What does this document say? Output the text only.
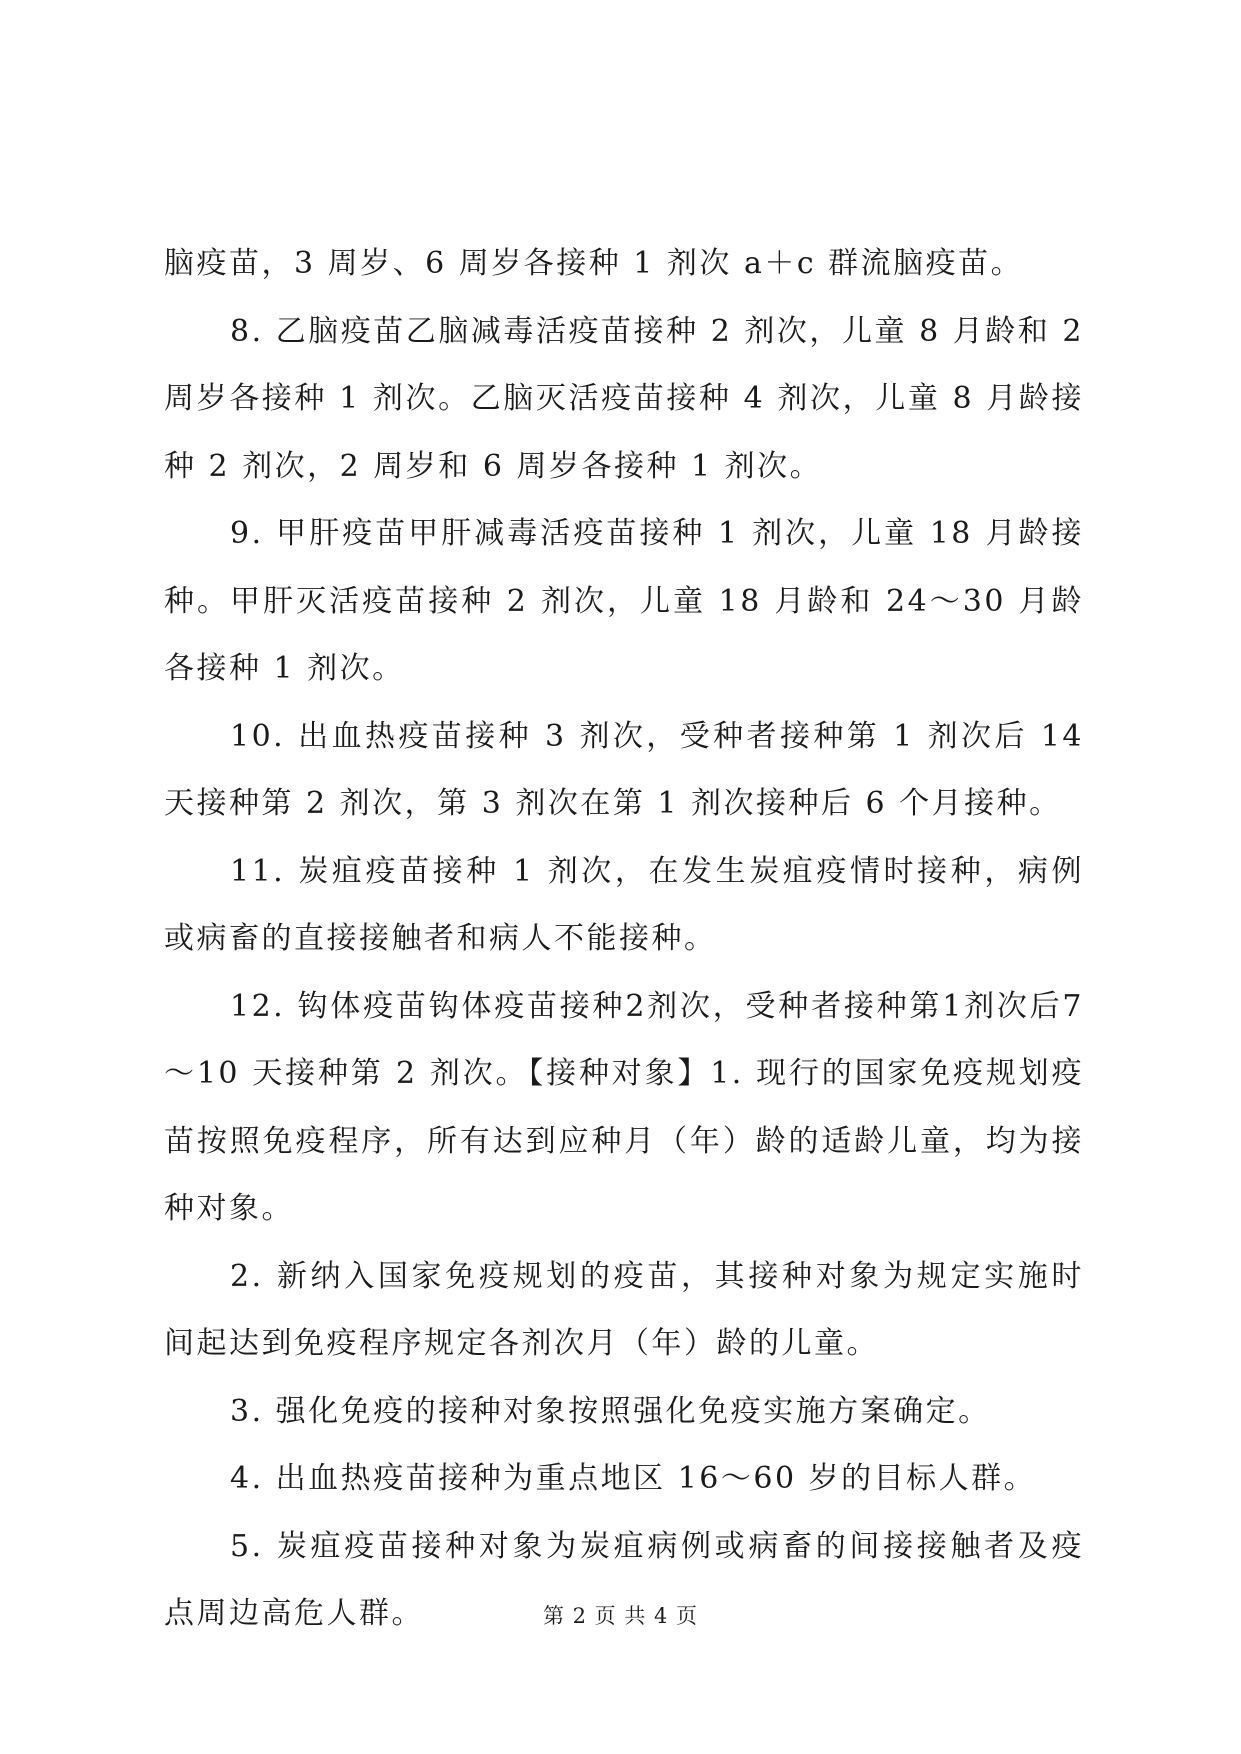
脑疫苗，3 周岁、6 周岁各接种 1 剂次 a＋c 群流脑疫苗。

8. 乙脑疫苗乙脑减毒活疫苗接种 2 剂次，儿童 8 月龄和 2 周岁各接种 1 剂次。乙脑灭活疫苗接种 4 剂次，儿童 8 月龄接种 2 剂次，2 周岁和 6 周岁各接种 1 剂次。

9. 甲肝疫苗甲肝减毒活疫苗接种 1 剂次，儿童 18 月龄接种。甲肝灭活疫苗接种 2 剂次，儿童 18 月龄和 24～30 月龄各接种 1 剂次。

10. 出血热疫苗接种 3 剂次，受种者接种第 1 剂次后 14 天接种第 2 剂次，第 3 剂次在第 1 剂次接种后 6 个月接种。

11. 炭疽疫苗接种 1 剂次，在发生炭疽疫情时接种，病例或病畜的直接接触者和病人不能接种。

12. 钩体疫苗钩体疫苗接种2剂次，受种者接种第1剂次后7～10 天接种第 2 剂次。【接种对象】1. 现行的国家免疫规划疫苗按照免疫程序，所有达到应种月（年）龄的适龄儿童，均为接种对象。

2. 新纳入国家免疫规划的疫苗，其接种对象为规定实施时间起达到免疫程序规定各剂次月（年）龄的儿童。

3. 强化免疫的接种对象按照强化免疫实施方案确定。

4. 出血热疫苗接种为重点地区 16～60 岁的目标人群。

5. 炭疽疫苗接种对象为炭疽病例或病畜的间接接触者及疫点周边高危人群。	第 2 页 共 4 页
